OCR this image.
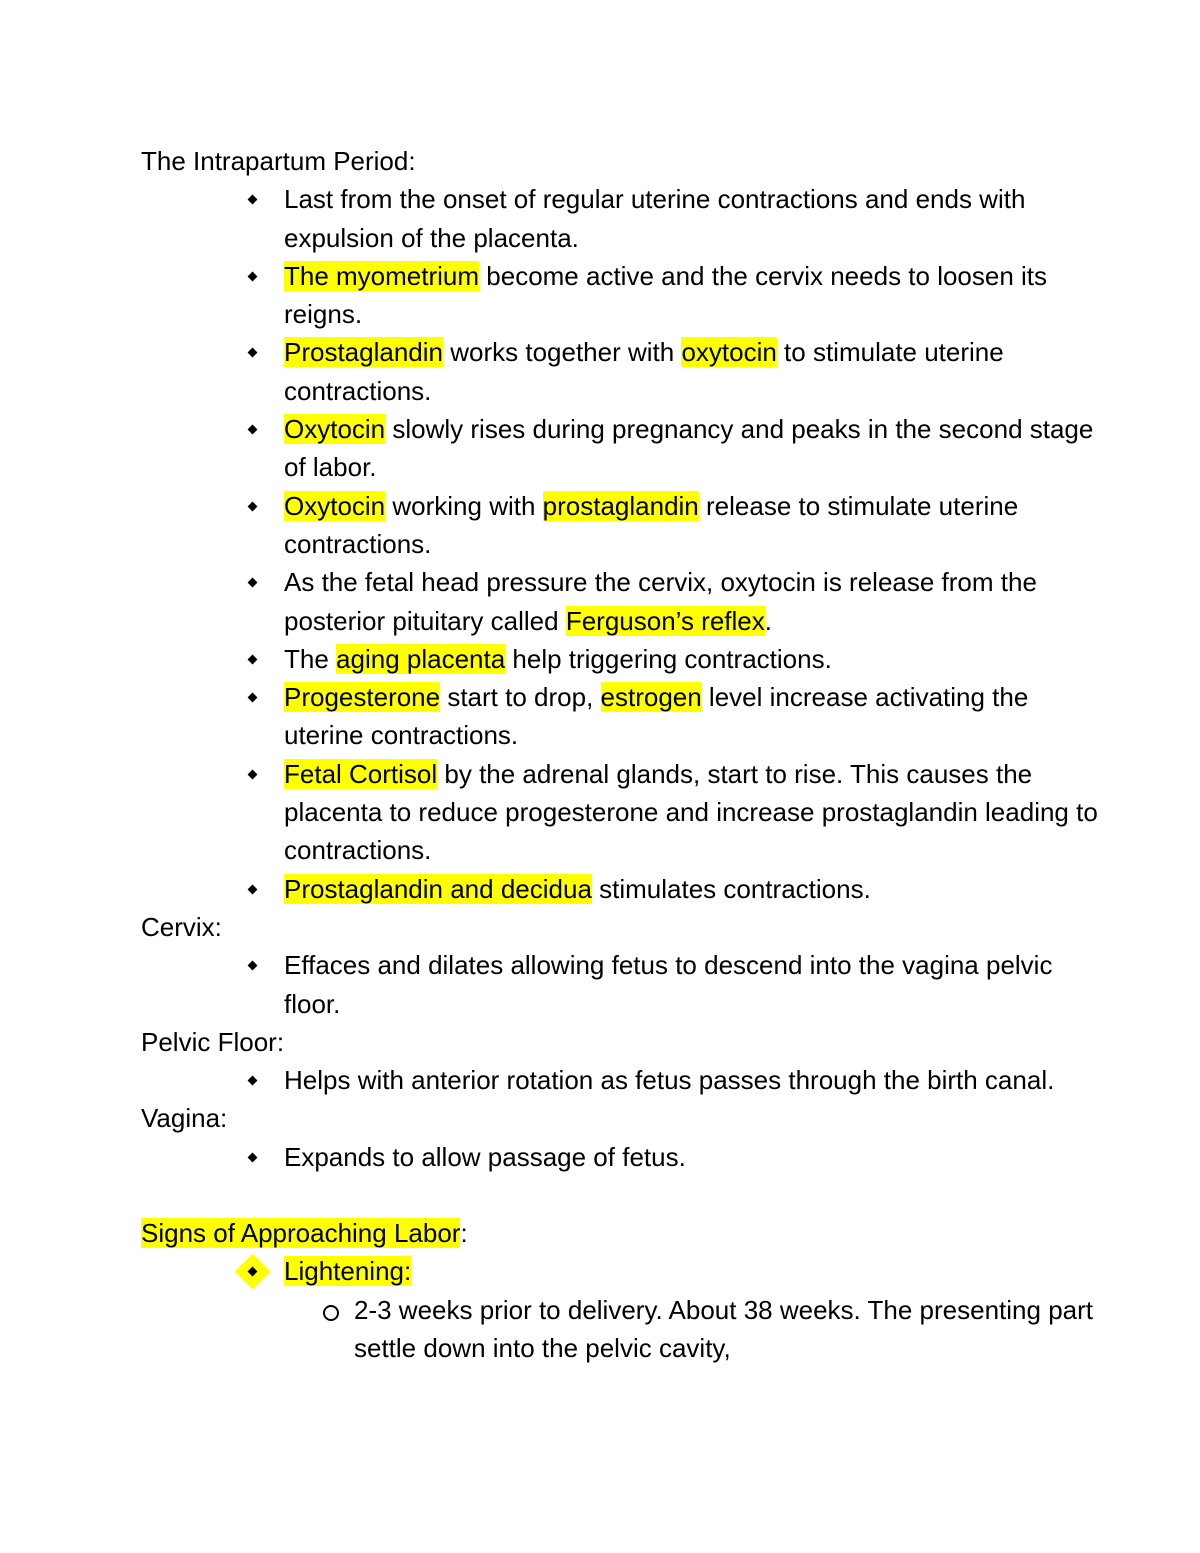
The Intrapartum Period:
Last from the onset of regular uterine contractions and ends with expulsion of the placenta.
The myometrium become active and the cervix needs to loosen its reigns.
Prostaglandin works together with oxytocin to stimulate uterine contractions.
Oxytocin slowly rises during pregnancy and peaks in the second stage of labor.
Oxytocin working with prostaglandin release to stimulate uterine contractions.
As the fetal head pressure the cervix, oxytocin is release from the posterior pituitary called Ferguson’s reflex.
The aging placenta help triggering contractions.
Progesterone start to drop, estrogen level increase activating the uterine contractions.
Fetal Cortisol by the adrenal glands, start to rise. This causes the placenta to reduce progesterone and increase prostaglandin leading to contractions.
Prostaglandin and decidua stimulates contractions.
Cervix:
Effaces and dilates allowing fetus to descend into the vagina pelvic floor.
Pelvic Floor:
Helps with anterior rotation as fetus passes through the birth canal.
Vagina:
Expands to allow passage of fetus.
Signs of Approaching Labor:
Lightening:
2-3 weeks prior to delivery. About 38 weeks. The presenting part settle down into the pelvic cavity,
